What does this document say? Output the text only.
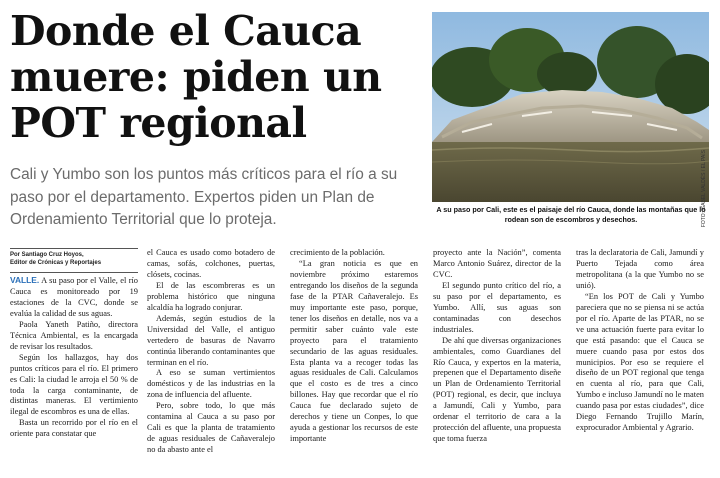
Donde el Cauca
muere: piden un
POT regional

Cali y Yumbo son los puntos más críticos para el río a su paso por el departamento. Expertos piden un Plan de Ordenamiento Territorial que lo proteja.	FOTO: ISABEL VALDÉS / EL PAÍS

A su paso por Cali, este es el paisaje del río Cauca, donde las montañas que lo rodean son de escombros y desechos.

Por Santiago Cruz Hoyos,
Editor de Crónicas y Reportajes

VALLE. A su paso por el Valle, el río Cauca es monitoreado por 19 estaciones de la CVC, donde se evalúa la calidad de sus aguas.

Paola Yaneth Patiño, directora Técnica Ambiental, es la encargada de revisar los resultados.

Según los hallazgos, hay dos puntos críticos para el río. El primero es Cali: la ciudad le arroja el 50 % de toda la carga contaminante, de distintas maneras. El vertimiento ilegal de escombros es una de ellas.

Basta un recorrido por el río en el oriente para constatar que

el Cauca es usado como botadero de camas, sofás, colchones, puertas, clósets, cocinas.

El de las escombreras es un problema histórico que ninguna alcaldía ha logrado conjurar.

Además, según estudios de la Universidad del Valle, el antiguo vertedero de basuras de Navarro continúa liberando contaminantes que terminan en el río.

A eso se suman vertimientos domésticos y de las industrias en la zona de influencia del afluente.

Pero, sobre todo, lo que más contamina al Cauca a su paso por Cali es que la planta de tratamiento de aguas residuales de Cañaveralejo no da abasto ante el

crecimiento de la población.

“La gran noticia es que en noviembre próximo estaremos entregando los diseños de la segunda fase de la PTAR Cañaveralejo. Es muy importante este paso, porque, tener los diseños en detalle, nos va a permitir saber cuánto vale este proyecto para el tratamiento secundario de las aguas residuales. Esta planta va a recoger todas las aguas residuales de Cali. Calculamos que el costo es de tres a cinco billones. Hay que recordar que el río Cauca fue declarado sujeto de derechos y tiene un Conpes, lo que ayuda a gestionar los recursos de este importante

proyecto ante la Nación”, comenta Marco Antonio Suárez, director de la CVC.

El segundo punto crítico del río, a su paso por el departamento, es Yumbo. Allí, sus aguas son contaminadas con desechos industriales.

De ahí que diversas organizaciones ambientales, como Guardianes del Río Cauca, y expertos en la materia, prepenen que el Departamento diseñe un Plan de Ordenamiento Territorial (POT) regional, es decir, que incluya a Jamundí, Cali y Yumbo, para ordenar el territorio de cara a la protección del afluente, una propuesta que toma fuerza

tras la declaratoria de Cali, Jamundí y Puerto Tejada como área metropolitana (a la que Yumbo no se unió).

“En los POT de Cali y Yumbo pareciera que no se piensa ni se actúa por el río. Aparte de las PTAR, no se ve una actuación fuerte para evitar lo que está pasando: que el Cauca se muere cuando pasa por estos dos municipios. Por eso se requiere el diseño de un POT regional que tenga en cuenta al río, para que Cali, Yumbo e incluso Jamundí no le maten cuando pasa por estas ciudades”, dice Diego Fernando Trujillo Marín, exprocurador Ambiental y Agrario.
